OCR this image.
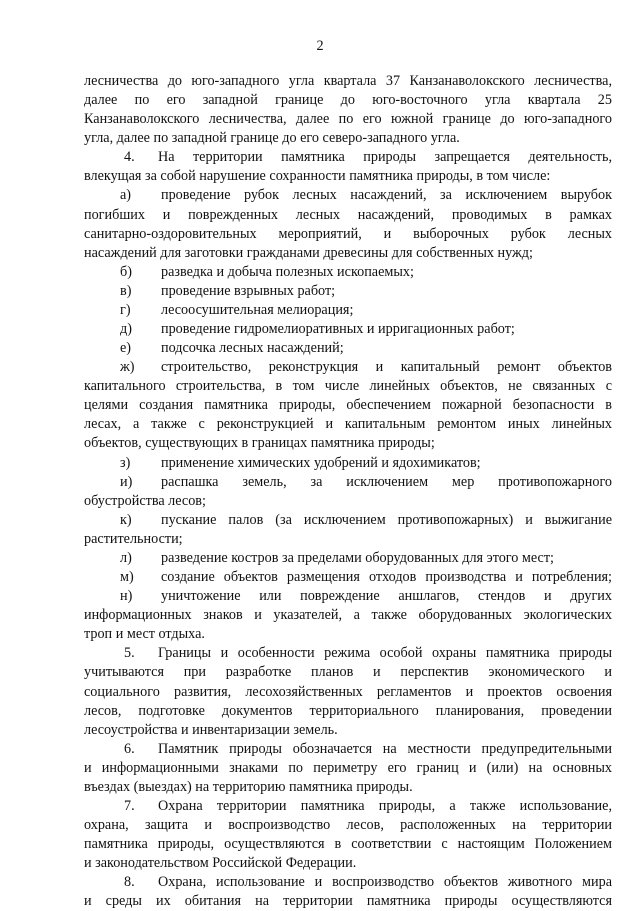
2
лесничества до юго-западного угла квартала 37 Канзанаволокского лесничества,
далее по его западной границе до юго-восточного угла квартала 25
Канзанаволокского лесничества, далее по его южной границе до юго-западного
угла, далее по западной границе до его северо-западного угла.
4. На территории памятника природы запрещается деятельность,
влекущая за собой нарушение сохранности памятника природы, в том числе:
а) проведение рубок лесных насаждений, за исключением вырубок
погибших и поврежденных лесных насаждений, проводимых в рамках
санитарно-оздоровительных мероприятий, и выборочных рубок лесных
насаждений для заготовки гражданами древесины для собственных нужд;
б) разведка и добыча полезных ископаемых;
в) проведение взрывных работ;
г) лесоосушительная мелиорация;
д) проведение гидромелиоративных и ирригационных работ;
е) подсочка лесных насаждений;
ж) строительство, реконструкция и капитальный ремонт объектов
капитального строительства, в том числе линейных объектов, не связанных с
целями создания памятника природы, обеспечением пожарной безопасности в
лесах, а также с реконструкцией и капитальным ремонтом иных линейных
объектов, существующих в границах памятника природы;
з) применение химических удобрений и ядохимикатов;
и) распашка земель, за исключением мер противопожарного
обустройства лесов;
к) пускание палов (за исключением противопожарных) и выжигание
растительности;
л) разведение костров за пределами оборудованных для этого мест;
м) создание объектов размещения отходов производства и потребления;
н) уничтожение или повреждение аншлагов, стендов и других
информационных знаков и указателей, а также оборудованных экологических
троп и мест отдыха.
5. Границы и особенности режима особой охраны памятника природы
учитываются при разработке планов и перспектив экономического и
социального развития, лесохозяйственных регламентов и проектов освоения
лесов, подготовке документов территориального планирования, проведении
лесоустройства и инвентаризации земель.
6. Памятник природы обозначается на местности предупредительными
и информационными знаками по периметру его границ и (или) на основных
въездах (выездах) на территорию памятника природы.
7. Охрана территории памятника природы, а также использование,
охрана, защита и воспроизводство лесов, расположенных на территории
памятника природы, осуществляются в соответствии с настоящим Положением
и законодательством Российской Федерации.
8. Охрана, использование и воспроизводство объектов животного мира
и среды их обитания на территории памятника природы осуществляются
